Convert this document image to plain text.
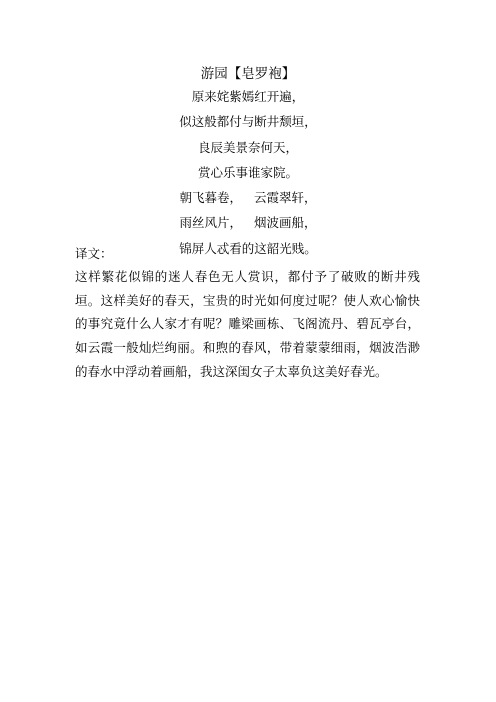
游园【皂罗袍】
原来姹紫嫣红开遍，
似这般都付与断井颓垣，
良辰美景奈何天，
赏心乐事谁家院。
朝飞暮卷，   云霞翠轩，
雨丝风片，   烟波画船，
锦屏人忒看的这韶光贱。
译文：
这样繁花似锦的迷人春色无人赏识，都付予了破败的断井残垣。这样美好的春天，宝贵的时光如何度过呢？使人欢心愉快的事究竟什么人家才有呢？雕梁画栋、飞阁流丹、碧瓦亭台，如云霞一般灿烂绚丽。和煦的春风，带着蒙蒙细雨，烟波浩渺的春水中浮动着画船，我这深闺女子太辜负这美好春光。
